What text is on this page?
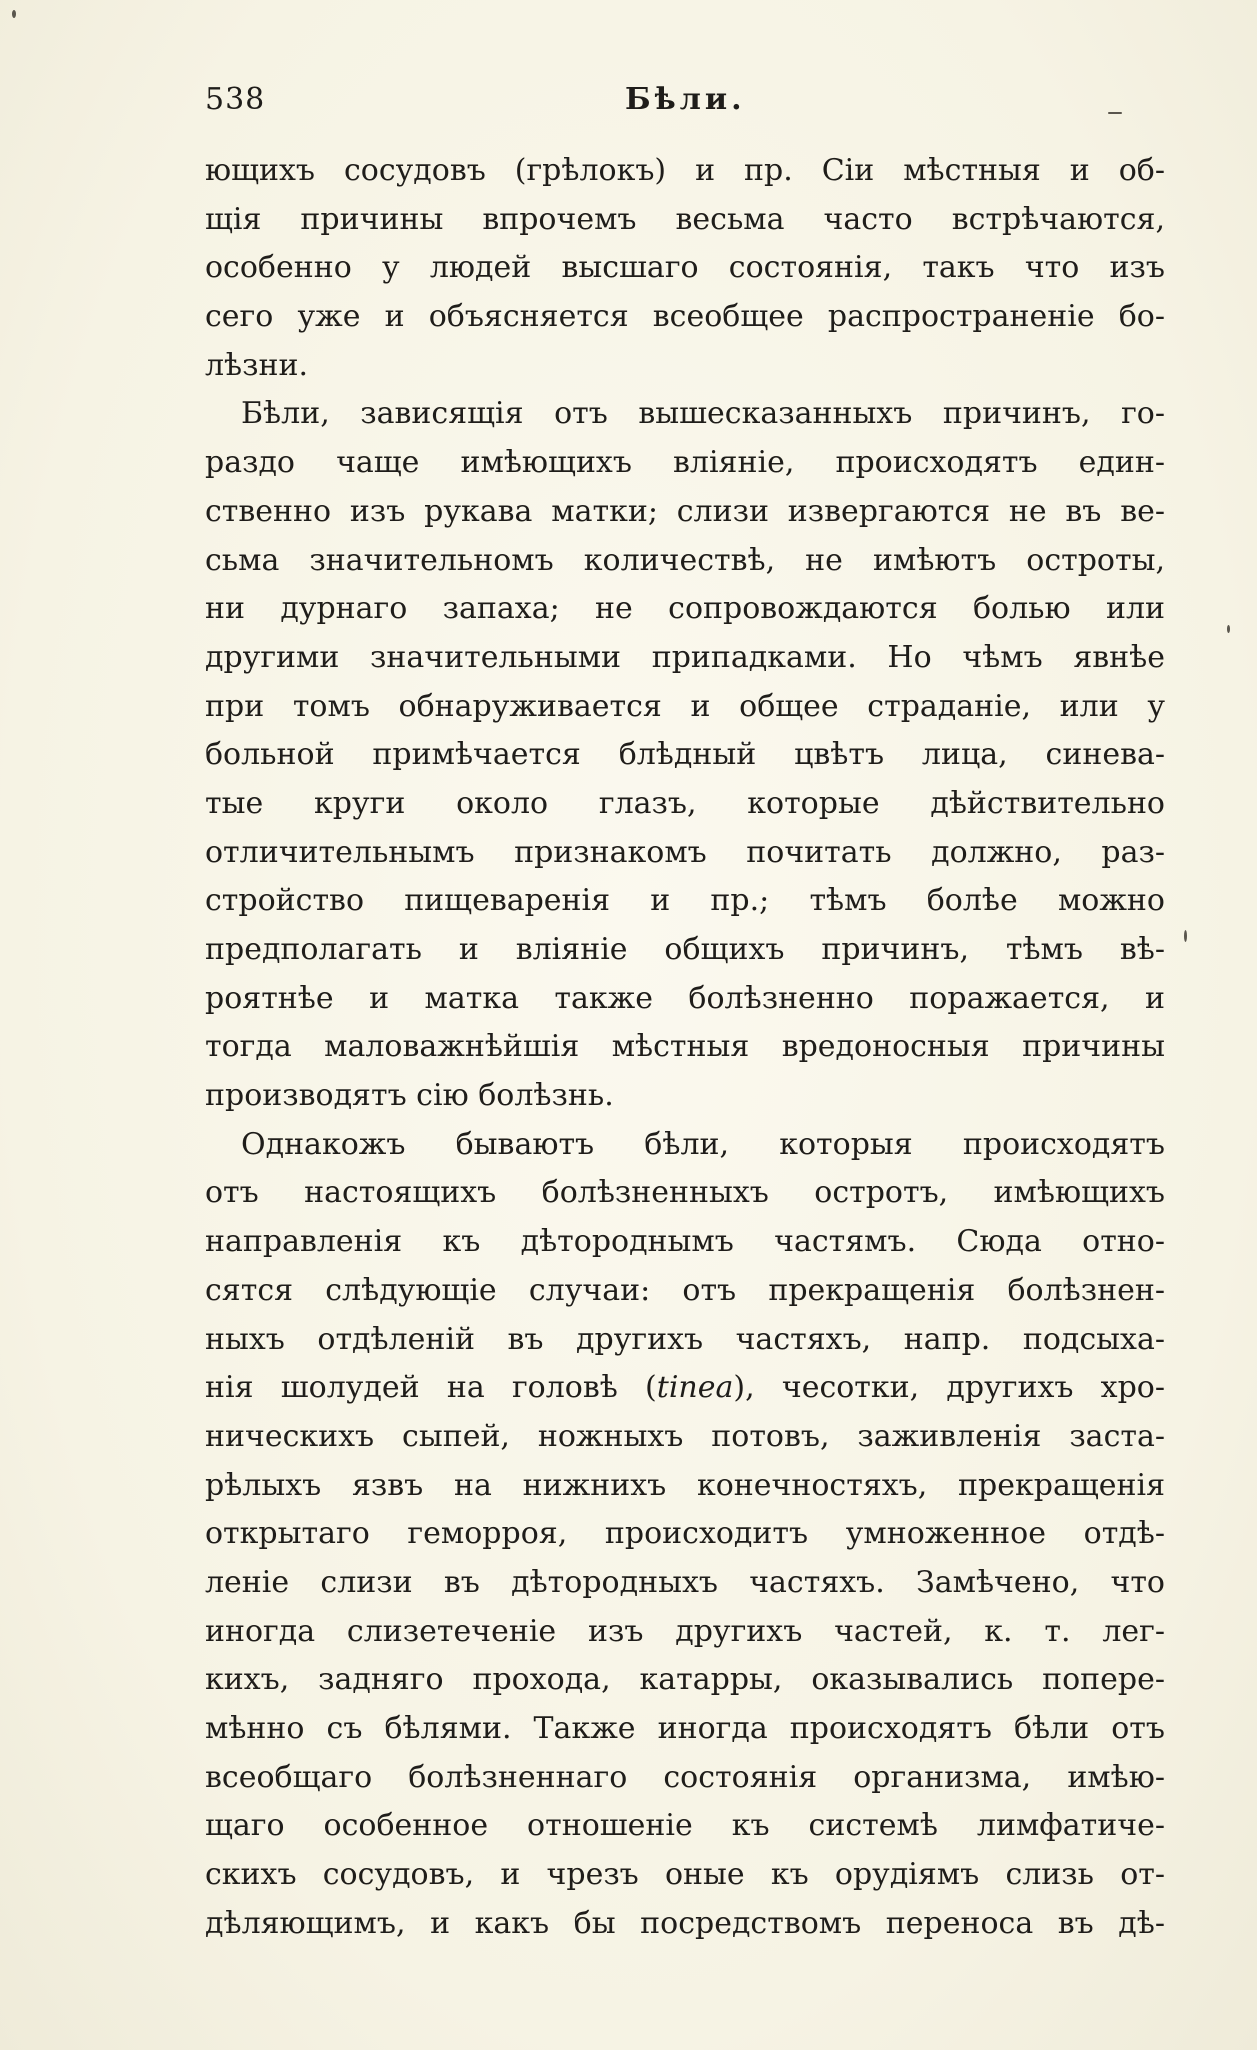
538	Бѣли.
ющихъ сосудовъ (грѣлокъ) и пр. Сіи мѣстныя и об-
щія причины впрочемъ весьма часто встрѣчаются,
особенно у людей высшаго состоянія, такъ что изъ
сего уже и объясняется всеобщее распространеніе бо-
лѣзни.
Бѣли, зависящія отъ вышесказанныхъ причинъ, го-
раздо чаще имѣющихъ вліяніе, происходятъ един-
ственно изъ рукава матки; слизи извергаются не въ ве-
сьма значительномъ количествѣ, не имѣютъ остроты,
ни дурнаго запаха; не сопровождаются болью или
другими значительными припадками. Но чѣмъ явнѣе
при томъ обнаруживается и общее страданіе, или у
больной примѣчается блѣдный цвѣтъ лица, синева-
тые круги около глазъ, которые дѣйствительно
отличительнымъ признакомъ почитать должно, раз-
стройство пищеваренія и пр.; тѣмъ болѣе можно
предполагать и вліяніе общихъ причинъ, тѣмъ вѣ-
роятнѣе и матка также болѣзненно поражается, и
тогда маловажнѣйшія мѣстныя вредоносныя причины
производятъ сію болѣзнь.
Однакожъ бываютъ бѣли, которыя происходятъ
отъ настоящихъ болѣзненныхъ остротъ, имѣющихъ
направленія къ дѣтороднымъ частямъ. Сюда отно-
сятся слѣдующіе случаи: отъ прекращенія болѣзнен-
ныхъ отдѣленій въ другихъ частяхъ, напр. подсыха-
нія шолудей на головѣ (tinea), чесотки, другихъ хро-
ническихъ сыпей, ножныхъ потовъ, заживленія застa-
рѣлыхъ язвъ на нижнихъ конечностяхъ, прекращенія
открытаго геморроя, происходитъ умноженное отдѣ-
леніе слизи въ дѣтородныхъ частяхъ. Замѣчено, что
иногда слизетеченіе изъ другихъ частей, к. т. лег-
кихъ, задняго прохода, катарры, оказывались попере-
мѣнно съ бѣлями. Также иногда происходятъ бѣли отъ
всеобщаго болѣзненнаго состоянія организма, имѣю-
щаго особенное отношеніе къ системѣ лимфатиче-
скихъ сосудовъ, и чрезъ оные къ орудіямъ слизь от-
дѣляющимъ, и какъ бы посредствомъ переноса въ дѣ-
